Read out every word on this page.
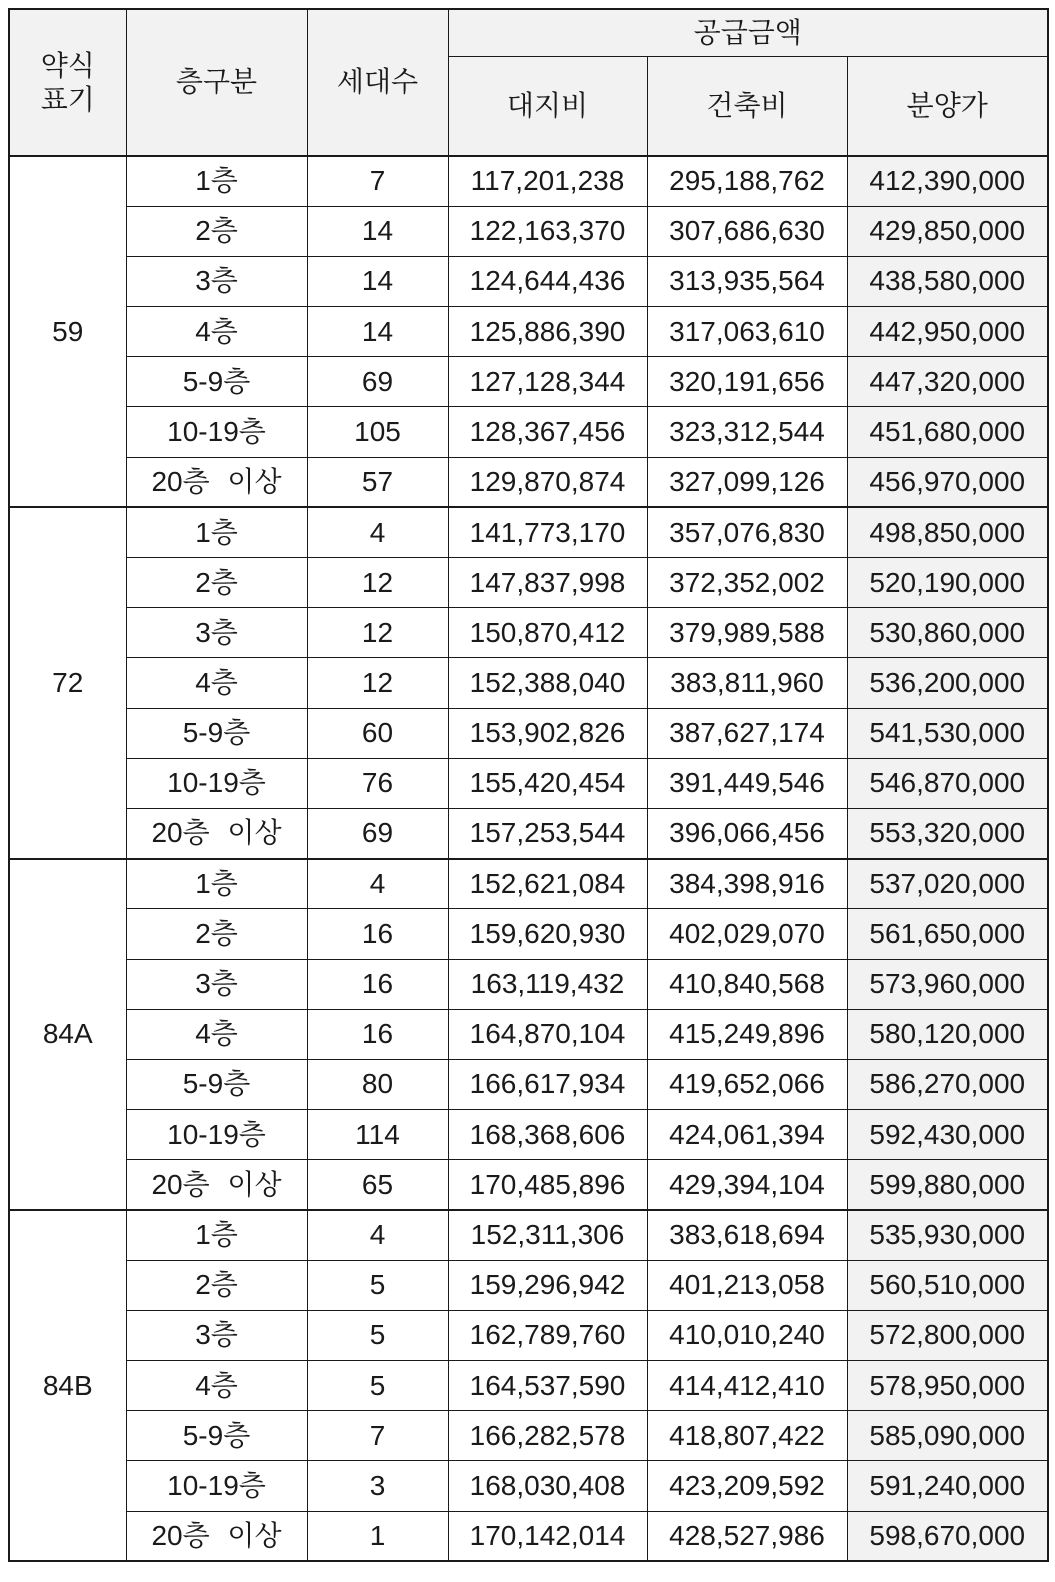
약식
표기	층구분	세대수	공급금액		
			대지비	건축비	분양가
59	1층	7	117,201,238	295,188,762	412,390,000
	2층	14	122,163,370	307,686,630	429,850,000
	3층	14	124,644,436	313,935,564	438,580,000
	4층	14	125,886,390	317,063,610	442,950,000
	5-9층	69	127,128,344	320,191,656	447,320,000
	10-19층	105	128,367,456	323,312,544	451,680,000
	20층 이상	57	129,870,874	327,099,126	456,970,000
72	1층	4	141,773,170	357,076,830	498,850,000
	2층	12	147,837,998	372,352,002	520,190,000
	3층	12	150,870,412	379,989,588	530,860,000
	4층	12	152,388,040	383,811,960	536,200,000
	5-9층	60	153,902,826	387,627,174	541,530,000
	10-19층	76	155,420,454	391,449,546	546,870,000
	20층 이상	69	157,253,544	396,066,456	553,320,000
84A	1층	4	152,621,084	384,398,916	537,020,000
	2층	16	159,620,930	402,029,070	561,650,000
	3층	16	163,119,432	410,840,568	573,960,000
	4층	16	164,870,104	415,249,896	580,120,000
	5-9층	80	166,617,934	419,652,066	586,270,000
	10-19층	114	168,368,606	424,061,394	592,430,000
	20층 이상	65	170,485,896	429,394,104	599,880,000
84B	1층	4	152,311,306	383,618,694	535,930,000
	2층	5	159,296,942	401,213,058	560,510,000
	3층	5	162,789,760	410,010,240	572,800,000
	4층	5	164,537,590	414,412,410	578,950,000
	5-9층	7	166,282,578	418,807,422	585,090,000
	10-19층	3	168,030,408	423,209,592	591,240,000
	20층 이상	1	170,142,014	428,527,986	598,670,000
